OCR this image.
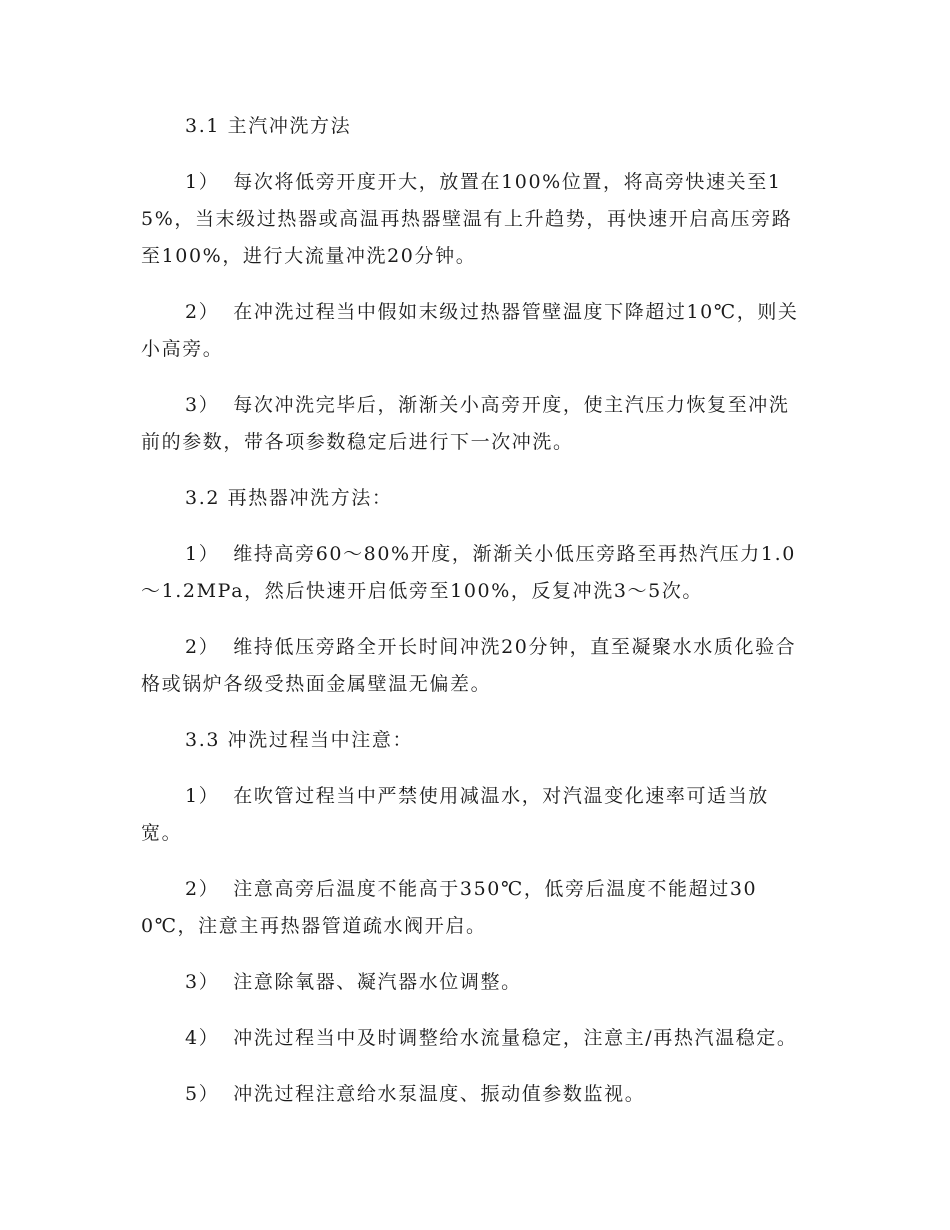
3.1 主汽冲洗方法
1） 每次将低旁开度开大，放置在100%位置，将高旁快速关至15%，当末级过热器或高温再热器壁温有上升趋势，再快速开启高压旁路至100%，进行大流量冲洗20分钟。
2） 在冲洗过程当中假如末级过热器管壁温度下降超过10℃，则关小高旁。
3） 每次冲洗完毕后，渐渐关小高旁开度，使主汽压力恢复至冲洗前的参数，带各项参数稳定后进行下一次冲洗。
3.2 再热器冲洗方法：
1） 维持高旁60～80%开度，渐渐关小低压旁路至再热汽压力1.0～1.2MPa，然后快速开启低旁至100%，反复冲洗3～5次。
2） 维持低压旁路全开长时间冲洗20分钟，直至凝聚水水质化验合格或锅炉各级受热面金属壁温无偏差。
3.3 冲洗过程当中注意：
1） 在吹管过程当中严禁使用减温水，对汽温变化速率可适当放宽。
2） 注意高旁后温度不能高于350℃，低旁后温度不能超过300℃，注意主再热器管道疏水阀开启。
3） 注意除氧器、凝汽器水位调整。
4） 冲洗过程当中及时调整给水流量稳定，注意主/再热汽温稳定。
5） 冲洗过程注意给水泵温度、振动值参数监视。
